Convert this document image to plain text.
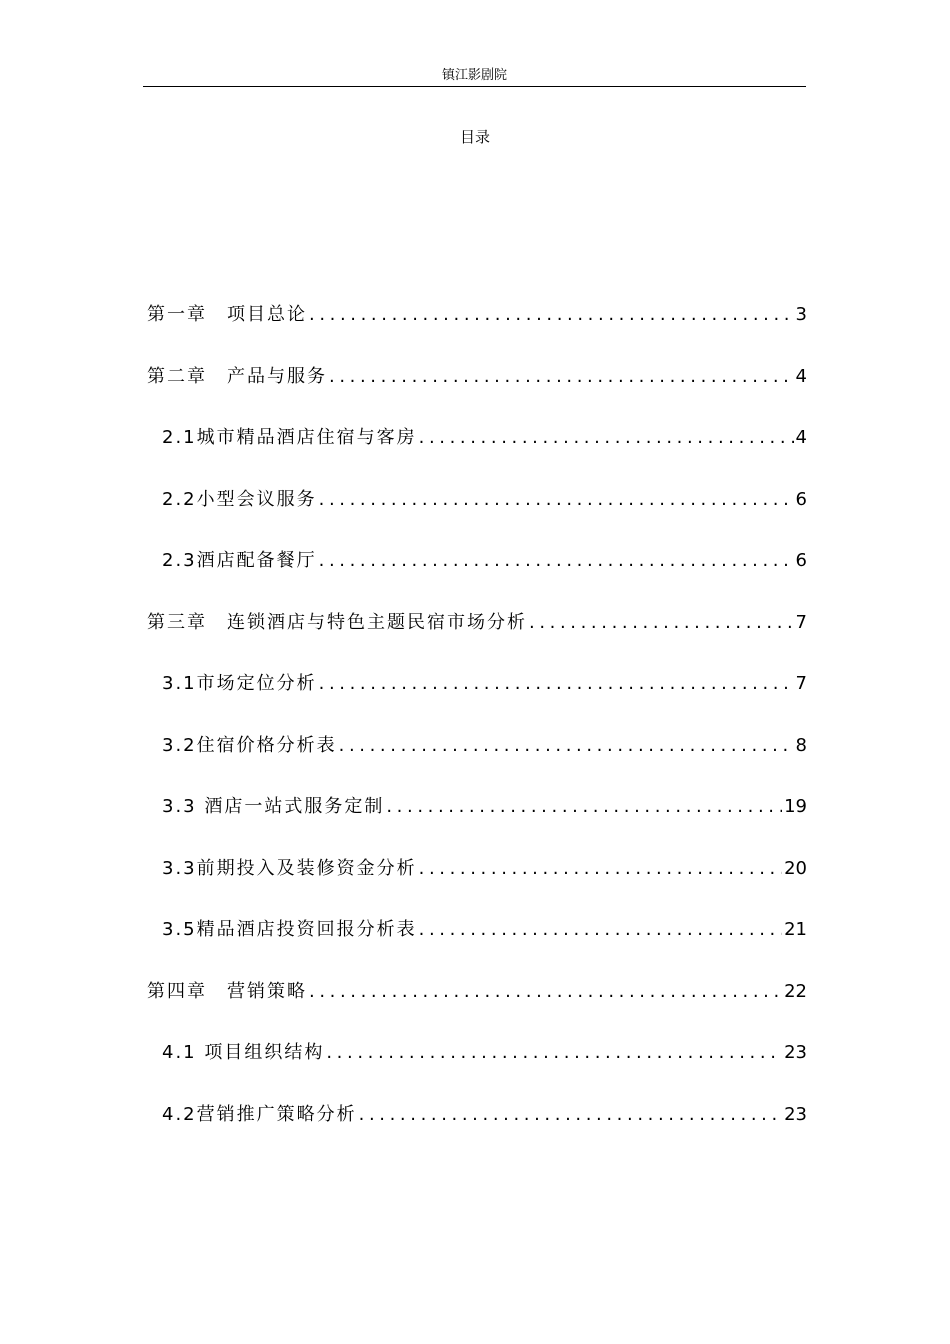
镇江影剧院
目录
第一章　项目总论 .....	3
第二章　产品与服务 .....	4
2.1城市精品酒店住宿与客房 .....	4
2.2小型会议服务 .....	6
2.3酒店配备餐厅 .....	6
第三章　连锁酒店与特色主题民宿市场分析 .....	7
3.1市场定位分析 .....	7
3.2住宿价格分析表 .....	8
3.3 酒店一站式服务定制 .....	19
3.3前期投入及装修资金分析 .....	20
3.5精品酒店投资回报分析表 .....	21
第四章　营销策略 .....	22
4.1 项目组织结构 .....	23
4.2营销推广策略分析 .....	23
